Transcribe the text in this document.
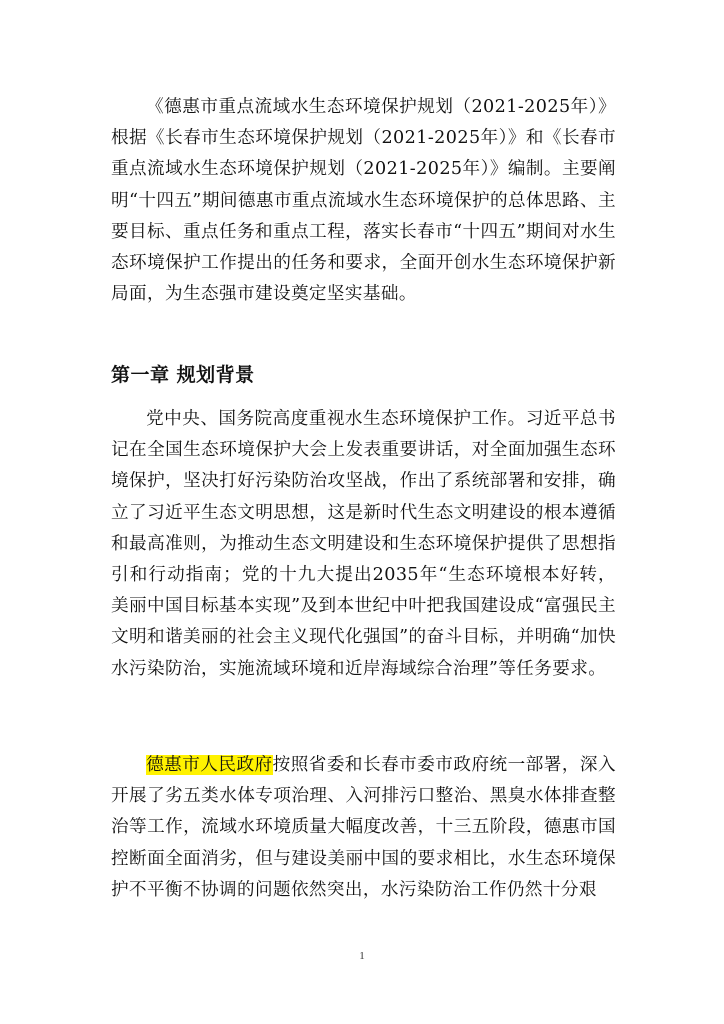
《德惠市重点流域水生态环境保护规划（2021-2025年）》根据《长春市生态环境保护规划（2021-2025年）》和《长春市重点流域水生态环境保护规划（2021-2025年）》编制。主要阐明“十四五”期间德惠市重点流域水生态环境保护的总体思路、主要目标、重点任务和重点工程，落实长春市“十四五”期间对水生态环境保护工作提出的任务和要求，全面开创水生态环境保护新局面，为生态强市建设奠定坚实基础。

第一章 规划背景

党中央、国务院高度重视水生态环境保护工作。习近平总书记在全国生态环境保护大会上发表重要讲话，对全面加强生态环境保护，坚决打好污染防治攻坚战，作出了系统部署和安排，确立了习近平生态文明思想，这是新时代生态文明建设的根本遵循和最高准则，为推动生态文明建设和生态环境保护提供了思想指引和行动指南；党的十九大提出2035年“生态环境根本好转，美丽中国目标基本实现”及到本世纪中叶把我国建设成“富强民主文明和谐美丽的社会主义现代化强国”的奋斗目标，并明确“加快水污染防治，实施流域环境和近岸海域综合治理”等任务要求。

德惠市人民政府按照省委和长春市委市政府统一部署，深入开展了劣五类水体专项治理、入河排污口整治、黑臭水体排查整治等工作，流域水环境质量大幅度改善，十三五阶段，德惠市国控断面全面消劣，但与建设美丽中国的要求相比，水生态环境保护不平衡不协调的问题依然突出，水污染防治工作仍然十分艰

1
